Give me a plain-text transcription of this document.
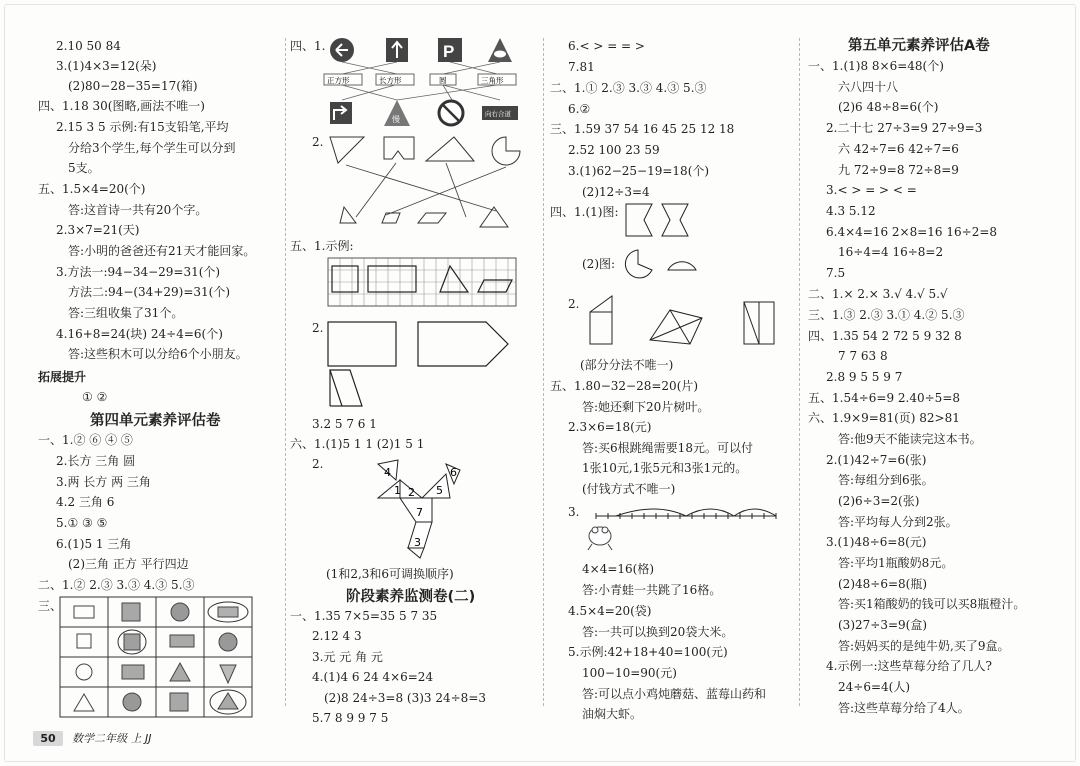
2.10 50 84
3.(1)4×3=12(朵)
(2)80−28−35=17(箱)
四、1.18 30(图略,画法不唯一)
2.15 3 5 示例:有15支铅笔,平均
分给3个学生,每个学生可以分到
5支。
五、1.5×4=20(个)
答:这首诗一共有20个字。
2.3×7=21(天)
答:小明的爸爸还有21天才能回家。
3.方法一:94−34−29=31(个)
方法二:94−(34+29)=31(个)
答:三组收集了31个。
4.16+8=24(块) 24÷4=6(个)
答:这些积木可以分给6个小朋友。
① ②
一、1.② ⑥ ④ ⑤
2.长方 三角 圆
3.两 长方 两 三角
4.2 三角 6
5.① ③ ⑤
6.(1)5 1 三角
(2)三角 正方 平行四边
二、1.② 2.③ 3.③ 4.③ 5.③
三、
拓展提升
第四单元素养评估卷
四、1.
2.
五、1.示例:
2.
3.2 5 7 6 1
六、1.(1)5 1 1 (2)1 5 1
2.
(1和2,3和6可调换顺序)
一、1.35 7×5=35 5 7 35
2.12 4 3
3.元 元 角 元
4.(1)4 6 24 4×6=24
(2)8 24÷3=8 (3)3 24÷8=3
5.7 8 9 9 7 5
阶段素养监测卷(二)
6.< > = = >
7.81
二、1.① 2.③ 3.③ 4.③ 5.③
6.②
三、1.59 37 54 16 45 25 12 18
2.52 100 23 59
3.(1)62−25−19=18(个)
(2)12÷3=4
四、1.(1)图:
(2)图:
2.
(部分分法不唯一)
五、1.80−32−28=20(片)
答:她还剩下20片树叶。
2.3×6=18(元)
答:买6根跳绳需要18元。可以付
1张10元,1张5元和3张1元的。
(付钱方式不唯一)
3.
4×4=16(格)
答:小青蛙一共跳了16格。
4.5×4=20(袋)
答:一共可以换到20袋大米。
5.示例:42+18+40=100(元)
100−10=90(元)
答:可以点小鸡炖蘑菇、蓝莓山药和
油焖大虾。
一、1.(1)8 8×6=48(个)
六八四十八
(2)6 48÷8=6(个)
2.二十七 27÷3=9 27÷9=3
六 42÷7=6 42÷7=6
九 72÷9=8 72÷8=9
3.< > = > < =
4.3 5.12
6.4×4=16 2×8=16 16÷2=8
16÷4=4 16÷8=2
7.5
二、1.× 2.× 3.√ 4.√ 5.√
三、1.③ 2.③ 3.① 4.② 5.③
四、1.35 54 2 72 5 9 32 8
7 7 63 8
2.8 9 5 5 9 7
五、1.54÷6=9 2.40÷5=8
六、1.9×9=81(页) 82>81
答:他9天不能读完这本书。
2.(1)42÷7=6(张)
答:每组分到6张。
(2)6÷3=2(张)
答:平均每人分到2张。
3.(1)48÷6=8(元)
答:平均1瓶酸奶8元。
(2)48÷6=8(瓶)
答:买1箱酸奶的钱可以买8瓶橙汁。
(3)27÷3=9(盒)
答:妈妈买的是纯牛奶,买了9盒。
4.示例一:这些草莓分给了几人?
24÷6=4(人)
答:这些草莓分给了4人。
第五单元素养评估A卷
P
正方形	长方形	圆	三角形
慢
向右合道
4
1 2
6
5
7
3
50	数学二年级 上 JJ
